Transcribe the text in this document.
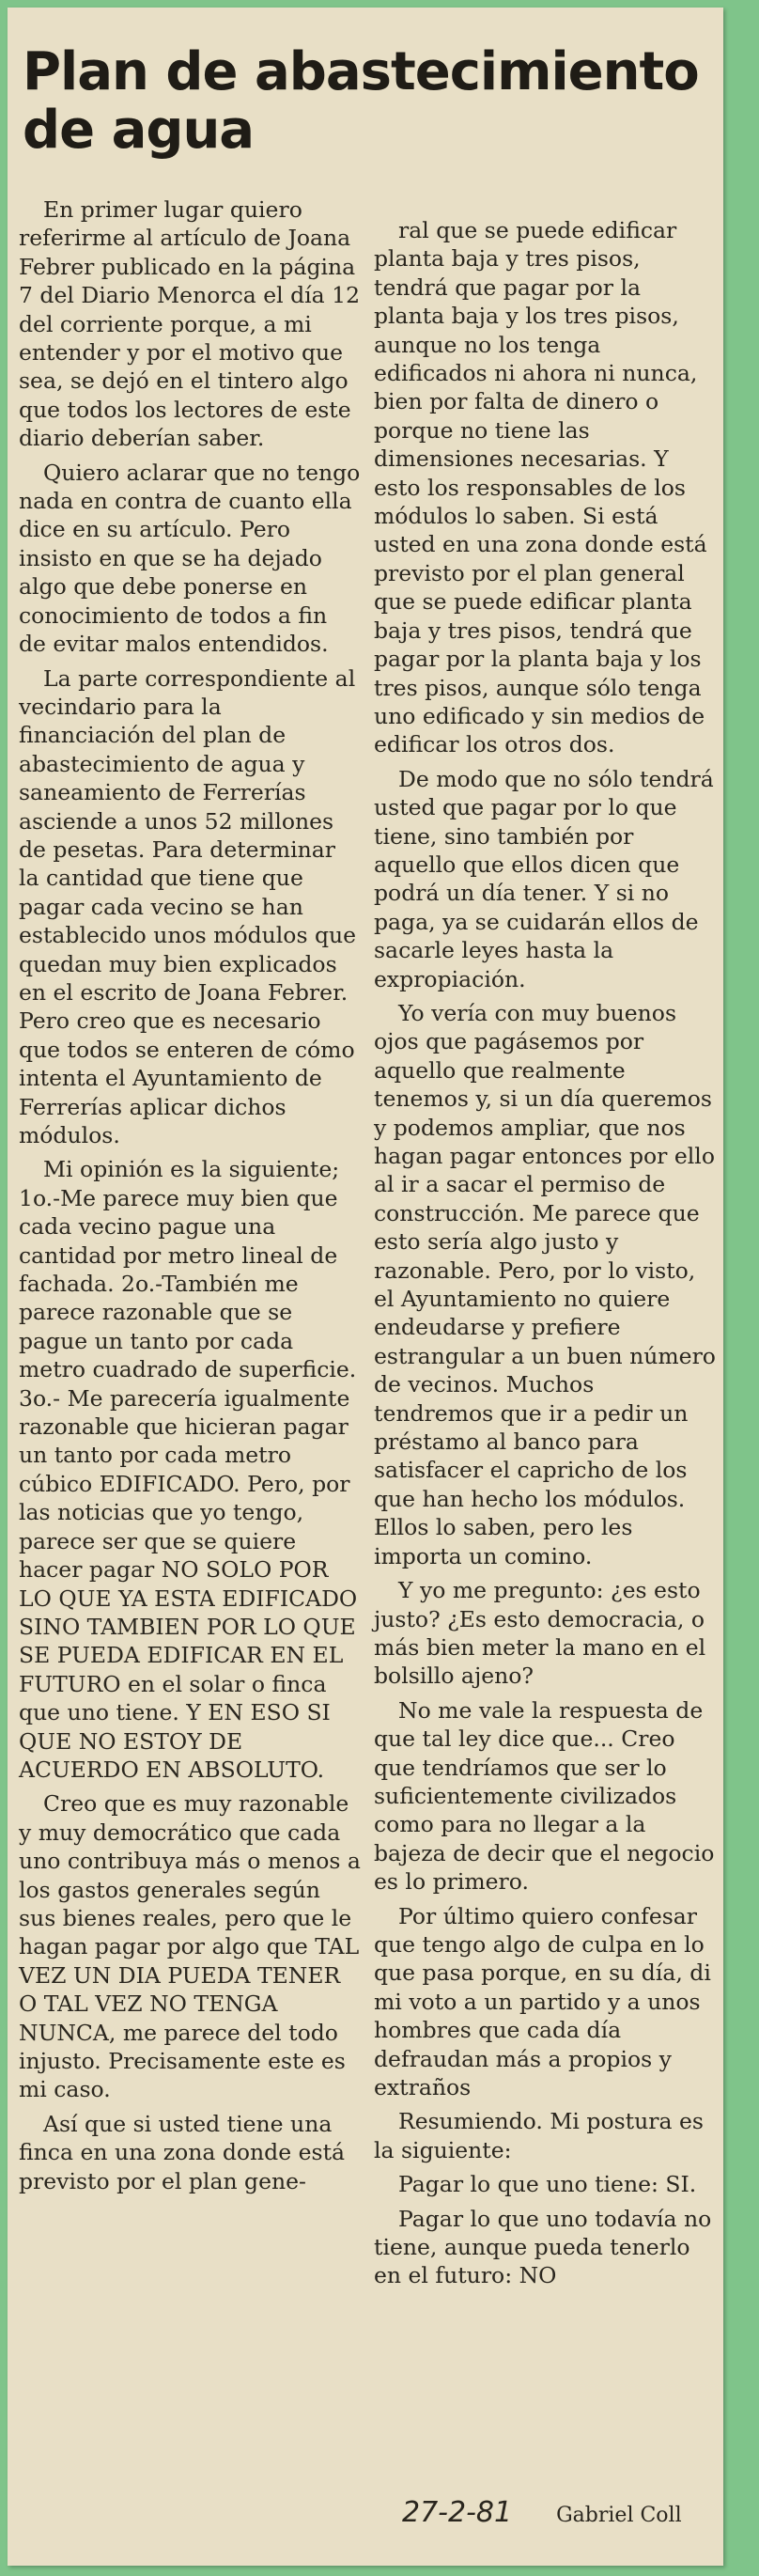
Plan de abastecimiento de agua

En primer lugar quiero referirme al artículo de Joana Febrer publicado en la página 7 del Diario Menorca el día 12 del corriente porque, a mi entender y por el motivo que sea, se dejó en el tintero algo que todos los lectores de este diario deberían saber.

Quiero aclarar que no tengo nada en contra de cuanto ella dice en su artículo. Pero insisto en que se ha dejado algo que debe ponerse en conocimiento de todos a fin de evitar malos entendidos.

La parte correspondiente al vecindario para la financiación del plan de abastecimiento de agua y saneamiento de Ferrerías asciende a unos 52 millones de pesetas. Para determinar la cantidad que tiene que pagar cada vecino se han establecido unos módulos que quedan muy bien explicados en el escrito de Joana Febrer. Pero creo que es necesario que todos se enteren de cómo intenta el Ayuntamiento de Ferrerías aplicar dichos módulos.

Mi opinión es la siguiente; 1o.-Me parece muy bien que cada vecino pague una cantidad por metro lineal de fachada. 2o.-También me parece razonable que se pague un tanto por cada metro cuadrado de superficie. 3o.- Me parecería igualmente razonable que hicieran pagar un tanto por cada metro cúbico EDIFICADO. Pero, por las noticias que yo tengo, parece ser que se quiere hacer pagar NO SOLO POR LO QUE YA ESTA EDIFICADO SINO TAMBIEN POR LO QUE SE PUEDA EDIFICAR EN EL FUTURO en el solar o finca que uno tiene. Y EN ESO SI QUE NO ESTOY DE ACUERDO EN ABSOLUTO.

Creo que es muy razonable y muy democrático que cada uno contribuya más o menos a los gastos generales según sus bienes reales, pero que le hagan pagar por algo que TAL VEZ UN DIA PUEDA TENER O TAL VEZ NO TENGA NUNCA, me parece del todo injusto. Precisamente este es mi caso.

Así que si usted tiene una finca en una zona donde está previsto por el plan gene-

ral que se puede edificar planta baja y tres pisos, tendrá que pagar por la planta baja y los tres pisos, aunque no los tenga edificados ni ahora ni nunca, bien por falta de dinero o porque no tiene las dimensiones necesarias. Y esto los responsables de los módulos lo saben. Si está usted en una zona donde está previsto por el plan general que se puede edificar planta baja y tres pisos, tendrá que pagar por la planta baja y los tres pisos, aunque sólo tenga uno edificado y sin medios de edificar los otros dos.

De modo que no sólo tendrá usted que pagar por lo que tiene, sino también por aquello que ellos dicen que podrá un día tener. Y si no paga, ya se cuidarán ellos de sacarle leyes hasta la expropiación.

Yo vería con muy buenos ojos que pagásemos por aquello que realmente tenemos y, si un día queremos y podemos ampliar, que nos hagan pagar entonces por ello al ir a sacar el permiso de construcción. Me parece que esto sería algo justo y razonable. Pero, por lo visto, el Ayuntamiento no quiere endeudarse y prefiere estrangular a un buen número de vecinos. Muchos tendremos que ir a pedir un préstamo al banco para satisfacer el capricho de los que han hecho los módulos. Ellos lo saben, pero les importa un comino.

Y yo me pregunto: ¿es esto justo? ¿Es esto democracia, o más bien meter la mano en el bolsillo ajeno?

No me vale la respuesta de que tal ley dice que... Creo que tendríamos que ser lo suficientemente civilizados como para no llegar a la bajeza de decir que el negocio es lo primero.

Por último quiero confesar que tengo algo de culpa en lo que pasa porque, en su día, di mi voto a un partido y a unos hombres que cada día defraudan más a propios y extraños

Resumiendo. Mi postura es la siguiente:

Pagar lo que uno tiene: SI.

Pagar lo que uno todavía no tiene, aunque pueda tenerlo en el futuro: NO

27-2-81 Gabriel Coll
